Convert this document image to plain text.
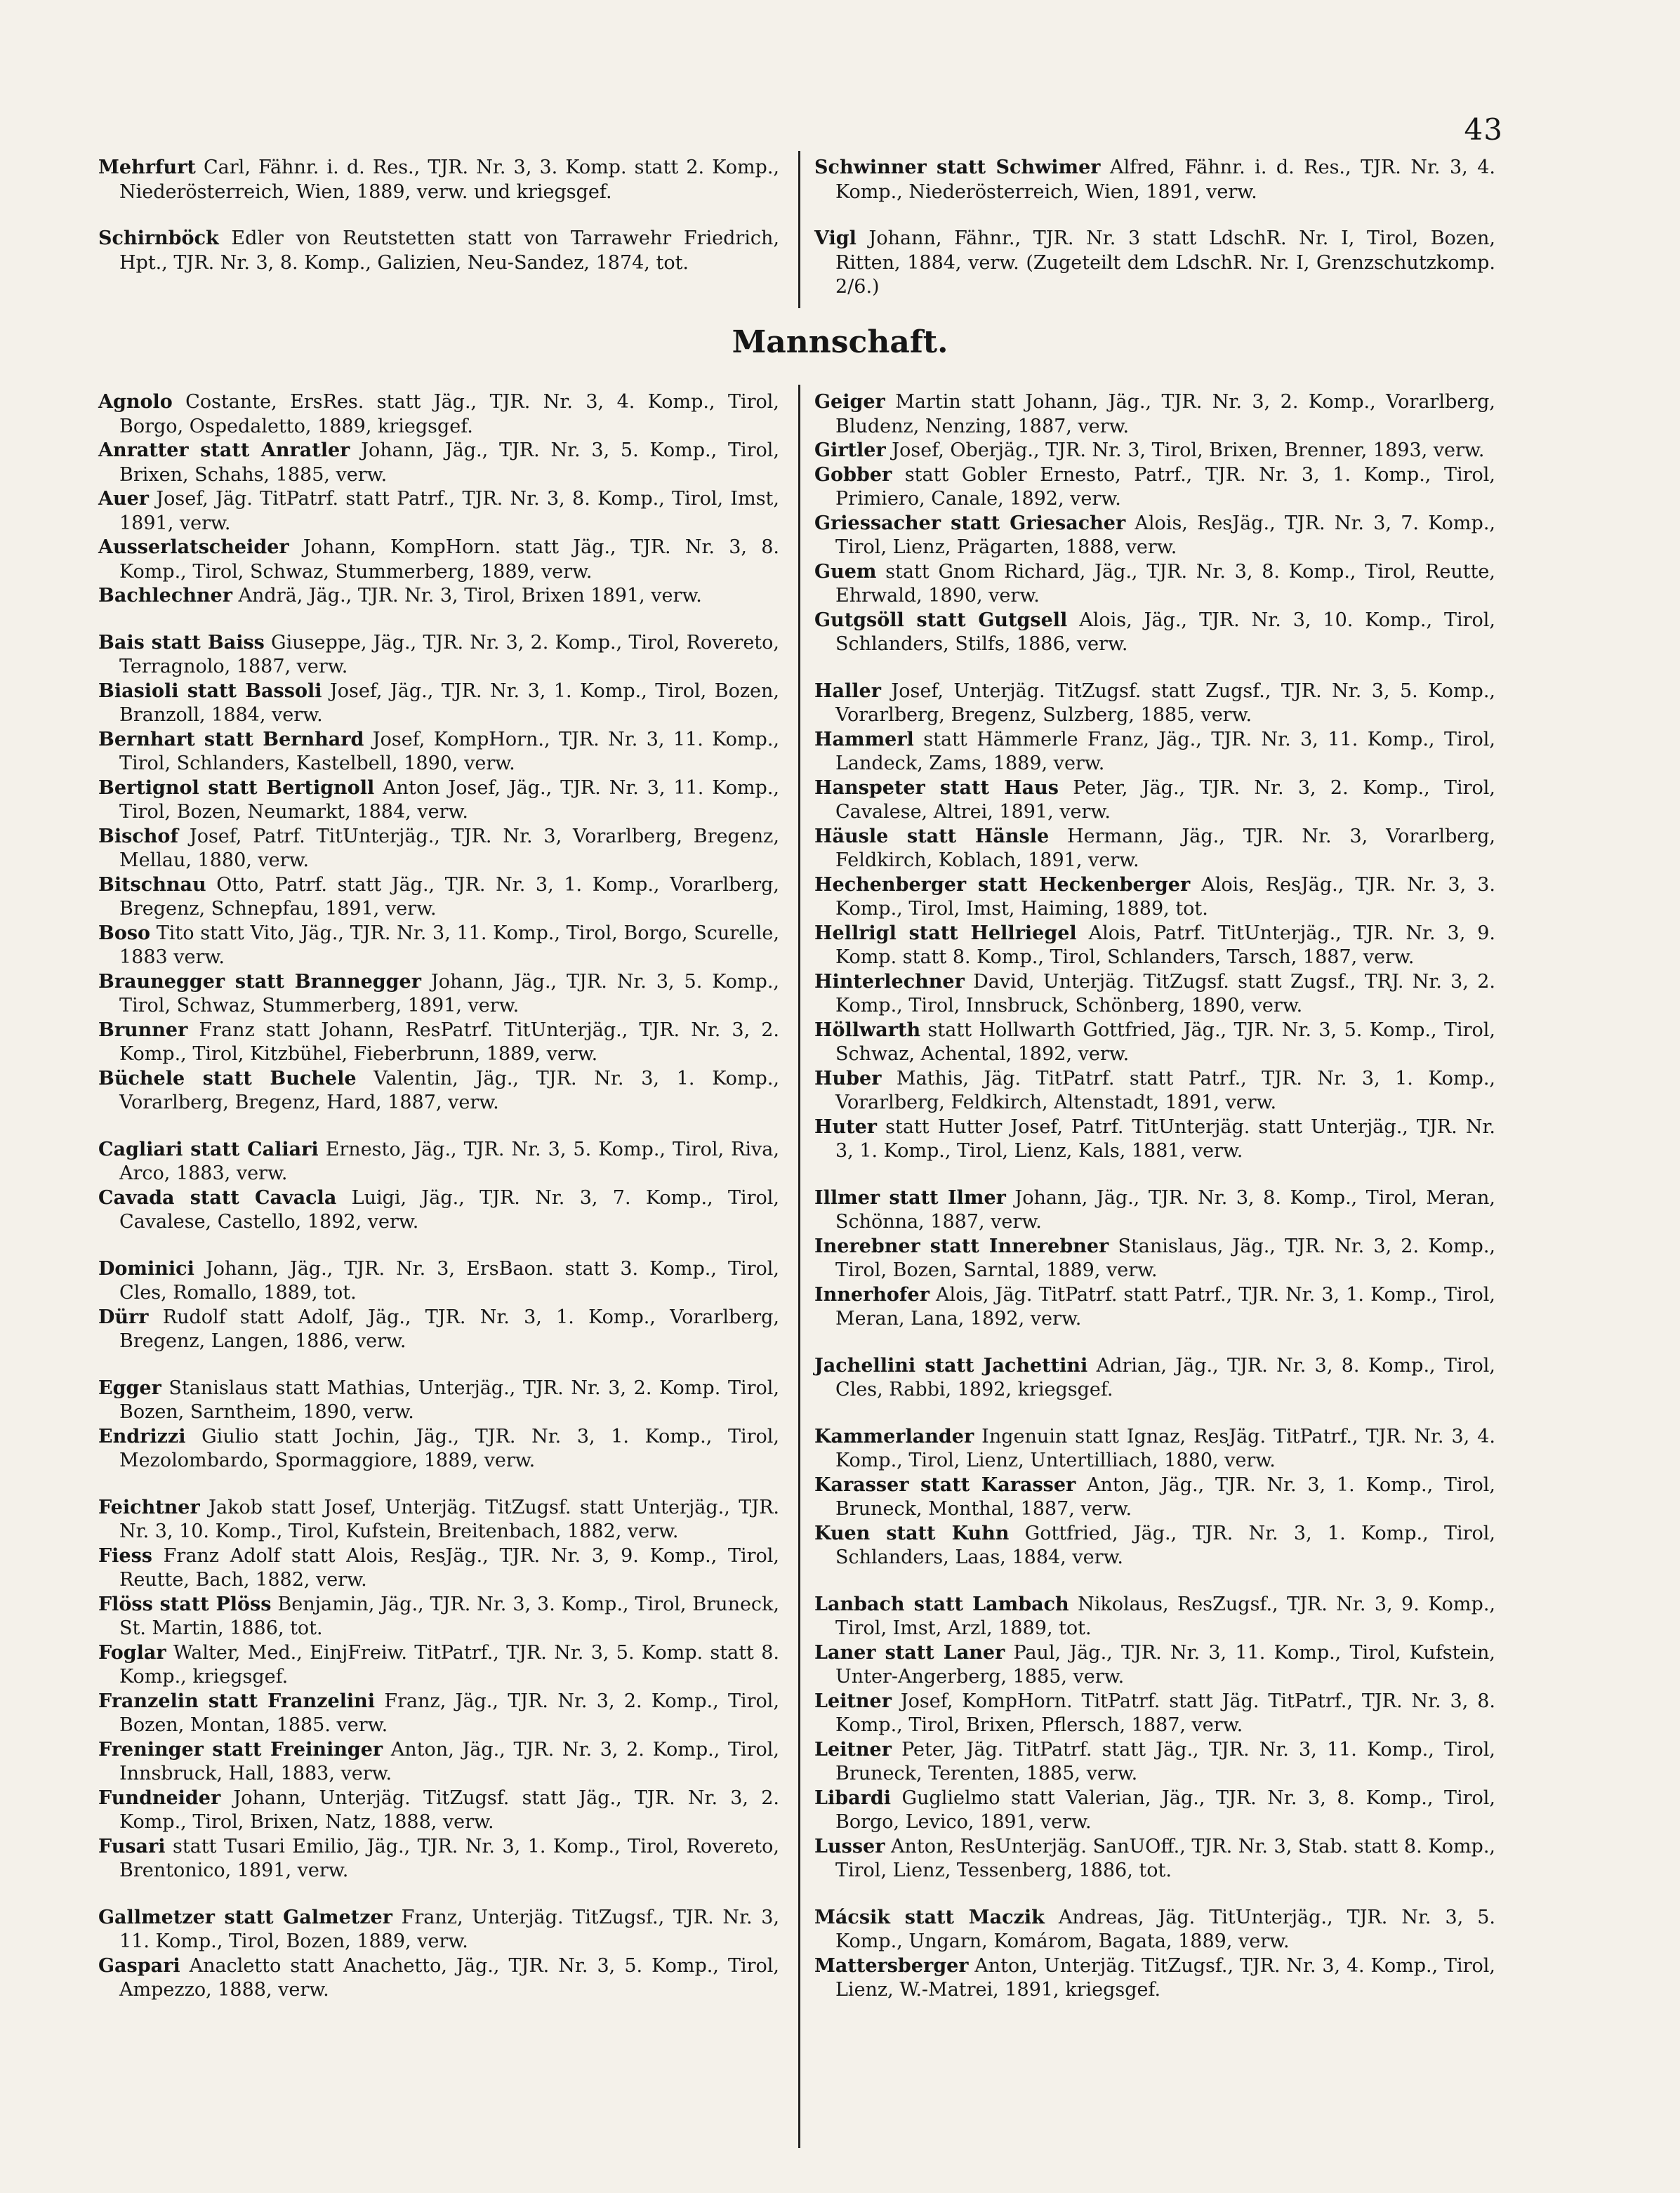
43
Mehrfurt Carl, Fähnr. i. d. Res., TJR. Nr. 3, 3. Komp. statt 2. Komp., Niederösterreich, Wien, 1889, verw. und kriegsgef.
Schirnböck Edler von Reutstetten statt von Tarrawehr Friedrich, Hpt., TJR. Nr. 3, 8. Komp., Galizien, Neu-Sandez, 1874, tot.
Schwinner statt Schwimer Alfred, Fähnr. i. d. Res., TJR. Nr. 3, 4. Komp., Niederösterreich, Wien, 1891, verw.
Vigl Johann, Fähnr., TJR. Nr. 3 statt LdschR. Nr. I, Tirol, Bozen, Ritten, 1884, verw. (Zugeteilt dem LdschR. Nr. I, Grenzschutzkomp. 2/6.)
Mannschaft.
Agnolo Costante, ErsRes. statt Jäg., TJR. Nr. 3, 4. Komp., Tirol, Borgo, Ospedaletto, 1889, kriegsgef.
Anratter statt Anratler Johann, Jäg., TJR. Nr. 3, 5. Komp., Tirol, Brixen, Schahs, 1885, verw.
Auer Josef, Jäg. TitPatrf. statt Patrf., TJR. Nr. 3, 8. Komp., Tirol, Imst, 1891, verw.
Ausserlatscheider Johann, KompHorn. statt Jäg., TJR. Nr. 3, 8. Komp., Tirol, Schwaz, Stummerberg, 1889, verw.
Bachlechner Andrä, Jäg., TJR. Nr. 3, Tirol, Brixen 1891, verw.
Bais statt Baiss Giuseppe, Jäg., TJR. Nr. 3, 2. Komp., Tirol, Rovereto, Terragnolo, 1887, verw.
Biasioli statt Bassoli Josef, Jäg., TJR. Nr. 3, 1. Komp., Tirol, Bozen, Branzoll, 1884, verw.
Bernhart statt Bernhard Josef, KompHorn., TJR. Nr. 3, 11. Komp., Tirol, Schlanders, Kastelbell, 1890, verw.
Bertignol statt Bertignoll Anton Josef, Jäg., TJR. Nr. 3, 11. Komp., Tirol, Bozen, Neumarkt, 1884, verw.
Bischof Josef, Patrf. TitUnterjäg., TJR. Nr. 3, Vorarlberg, Bregenz, Mellau, 1880, verw.
Bitschnau Otto, Patrf. statt Jäg., TJR. Nr. 3, 1. Komp., Vorarlberg, Bregenz, Schnepfau, 1891, verw.
Boso Tito statt Vito, Jäg., TJR. Nr. 3, 11. Komp., Tirol, Borgo, Scurelle, 1883 verw.
Braunegger statt Brannegger Johann, Jäg., TJR. Nr. 3, 5. Komp., Tirol, Schwaz, Stummerberg, 1891, verw.
Brunner Franz statt Johann, ResPatrf. TitUnterjäg., TJR. Nr. 3, 2. Komp., Tirol, Kitzbühel, Fieberbrunn, 1889, verw.
Büchele statt Buchele Valentin, Jäg., TJR. Nr. 3, 1. Komp., Vorarlberg, Bregenz, Hard, 1887, verw.
Cagliari statt Caliari Ernesto, Jäg., TJR. Nr. 3, 5. Komp., Tirol, Riva, Arco, 1883, verw.
Cavada statt Cavacla Luigi, Jäg., TJR. Nr. 3, 7. Komp., Tirol, Cavalese, Castello, 1892, verw.
Dominici Johann, Jäg., TJR. Nr. 3, ErsBaon. statt 3. Komp., Tirol, Cles, Romallo, 1889, tot.
Dürr Rudolf statt Adolf, Jäg., TJR. Nr. 3, 1. Komp., Vorarlberg, Bregenz, Langen, 1886, verw.
Egger Stanislaus statt Mathias, Unterjäg., TJR. Nr. 3, 2. Komp. Tirol, Bozen, Sarntheim, 1890, verw.
Endrizzi Giulio statt Jochin, Jäg., TJR. Nr. 3, 1. Komp., Tirol, Mezolombardo, Spormaggiore, 1889, verw.
Feichtner Jakob statt Josef, Unterjäg. TitZugsf. statt Unterjäg., TJR. Nr. 3, 10. Komp., Tirol, Kufstein, Breitenbach, 1882, verw.
Fiess Franz Adolf statt Alois, ResJäg., TJR. Nr. 3, 9. Komp., Tirol, Reutte, Bach, 1882, verw.
Flöss statt Plöss Benjamin, Jäg., TJR. Nr. 3, 3. Komp., Tirol, Bruneck, St. Martin, 1886, tot.
Foglar Walter, Med., EinjFreiw. TitPatrf., TJR. Nr. 3, 5. Komp. statt 8. Komp., kriegsgef.
Franzelin statt Franzelini Franz, Jäg., TJR. Nr. 3, 2. Komp., Tirol, Bozen, Montan, 1885. verw.
Freninger statt Freininger Anton, Jäg., TJR. Nr. 3, 2. Komp., Tirol, Innsbruck, Hall, 1883, verw.
Fundneider Johann, Unterjäg. TitZugsf. statt Jäg., TJR. Nr. 3, 2. Komp., Tirol, Brixen, Natz, 1888, verw.
Fusari statt Tusari Emilio, Jäg., TJR. Nr. 3, 1. Komp., Tirol, Rovereto, Brentonico, 1891, verw.
Gallmetzer statt Galmetzer Franz, Unterjäg. TitZugsf., TJR. Nr. 3, 11. Komp., Tirol, Bozen, 1889, verw.
Gaspari Anacletto statt Anachetto, Jäg., TJR. Nr. 3, 5. Komp., Tirol, Ampezzo, 1888, verw.
Geiger Martin statt Johann, Jäg., TJR. Nr. 3, 2. Komp., Vorarlberg, Bludenz, Nenzing, 1887, verw.
Girtler Josef, Oberjäg., TJR. Nr. 3, Tirol, Brixen, Brenner, 1893, verw.
Gobber statt Gobler Ernesto, Patrf., TJR. Nr. 3, 1. Komp., Tirol, Primiero, Canale, 1892, verw.
Griessacher statt Griesacher Alois, ResJäg., TJR. Nr. 3, 7. Komp., Tirol, Lienz, Prägarten, 1888, verw.
Guem statt Gnom Richard, Jäg., TJR. Nr. 3, 8. Komp., Tirol, Reutte, Ehrwald, 1890, verw.
Gutgsöll statt Gutgsell Alois, Jäg., TJR. Nr. 3, 10. Komp., Tirol, Schlanders, Stilfs, 1886, verw.
Haller Josef, Unterjäg. TitZugsf. statt Zugsf., TJR. Nr. 3, 5. Komp., Vorarlberg, Bregenz, Sulzberg, 1885, verw.
Hammerl statt Hämmerle Franz, Jäg., TJR. Nr. 3, 11. Komp., Tirol, Landeck, Zams, 1889, verw.
Hanspeter statt Haus Peter, Jäg., TJR. Nr. 3, 2. Komp., Tirol, Cavalese, Altrei, 1891, verw.
Häusle statt Hänsle Hermann, Jäg., TJR. Nr. 3, Vorarlberg, Feldkirch, Koblach, 1891, verw.
Hechenberger statt Heckenberger Alois, ResJäg., TJR. Nr. 3, 3. Komp., Tirol, Imst, Haiming, 1889, tot.
Hellrigl statt Hellriegel Alois, Patrf. TitUnterjäg., TJR. Nr. 3, 9. Komp. statt 8. Komp., Tirol, Schlanders, Tarsch, 1887, verw.
Hinterlechner David, Unterjäg. TitZugsf. statt Zugsf., TRJ. Nr. 3, 2. Komp., Tirol, Innsbruck, Schönberg, 1890, verw.
Höllwarth statt Hollwarth Gottfried, Jäg., TJR. Nr. 3, 5. Komp., Tirol, Schwaz, Achental, 1892, verw.
Huber Mathis, Jäg. TitPatrf. statt Patrf., TJR. Nr. 3, 1. Komp., Vorarlberg, Feldkirch, Altenstadt, 1891, verw.
Huter statt Hutter Josef, Patrf. TitUnterjäg. statt Unterjäg., TJR. Nr. 3, 1. Komp., Tirol, Lienz, Kals, 1881, verw.
Illmer statt Ilmer Johann, Jäg., TJR. Nr. 3, 8. Komp., Tirol, Meran, Schönna, 1887, verw.
Inerebner statt Innerebner Stanislaus, Jäg., TJR. Nr. 3, 2. Komp., Tirol, Bozen, Sarntal, 1889, verw.
Innerhofer Alois, Jäg. TitPatrf. statt Patrf., TJR. Nr. 3, 1. Komp., Tirol, Meran, Lana, 1892, verw.
Jachellini statt Jachettini Adrian, Jäg., TJR. Nr. 3, 8. Komp., Tirol, Cles, Rabbi, 1892, kriegsgef.
Kammerlander Ingenuin statt Ignaz, ResJäg. TitPatrf., TJR. Nr. 3, 4. Komp., Tirol, Lienz, Untertilliach, 1880, verw.
Karasser statt Karasser Anton, Jäg., TJR. Nr. 3, 1. Komp., Tirol, Bruneck, Monthal, 1887, verw.
Kuen statt Kuhn Gottfried, Jäg., TJR. Nr. 3, 1. Komp., Tirol, Schlanders, Laas, 1884, verw.
Lanbach statt Lambach Nikolaus, ResZugsf., TJR. Nr. 3, 9. Komp., Tirol, Imst, Arzl, 1889, tot.
Laner statt Laner Paul, Jäg., TJR. Nr. 3, 11. Komp., Tirol, Kufstein, Unter-Angerberg, 1885, verw.
Leitner Josef, KompHorn. TitPatrf. statt Jäg. TitPatrf., TJR. Nr. 3, 8. Komp., Tirol, Brixen, Pflersch, 1887, verw.
Leitner Peter, Jäg. TitPatrf. statt Jäg., TJR. Nr. 3, 11. Komp., Tirol, Bruneck, Terenten, 1885, verw.
Libardi Guglielmo statt Valerian, Jäg., TJR. Nr. 3, 8. Komp., Tirol, Borgo, Levico, 1891, verw.
Lusser Anton, ResUnterjäg. SanUOff., TJR. Nr. 3, Stab. statt 8. Komp., Tirol, Lienz, Tessenberg, 1886, tot.
Mácsik statt Maczik Andreas, Jäg. TitUnterjäg., TJR. Nr. 3, 5. Komp., Ungarn, Komárom, Bagata, 1889, verw.
Mattersberger Anton, Unterjäg. TitZugsf., TJR. Nr. 3, 4. Komp., Tirol, Lienz, W.-Matrei, 1891, kriegsgef.
